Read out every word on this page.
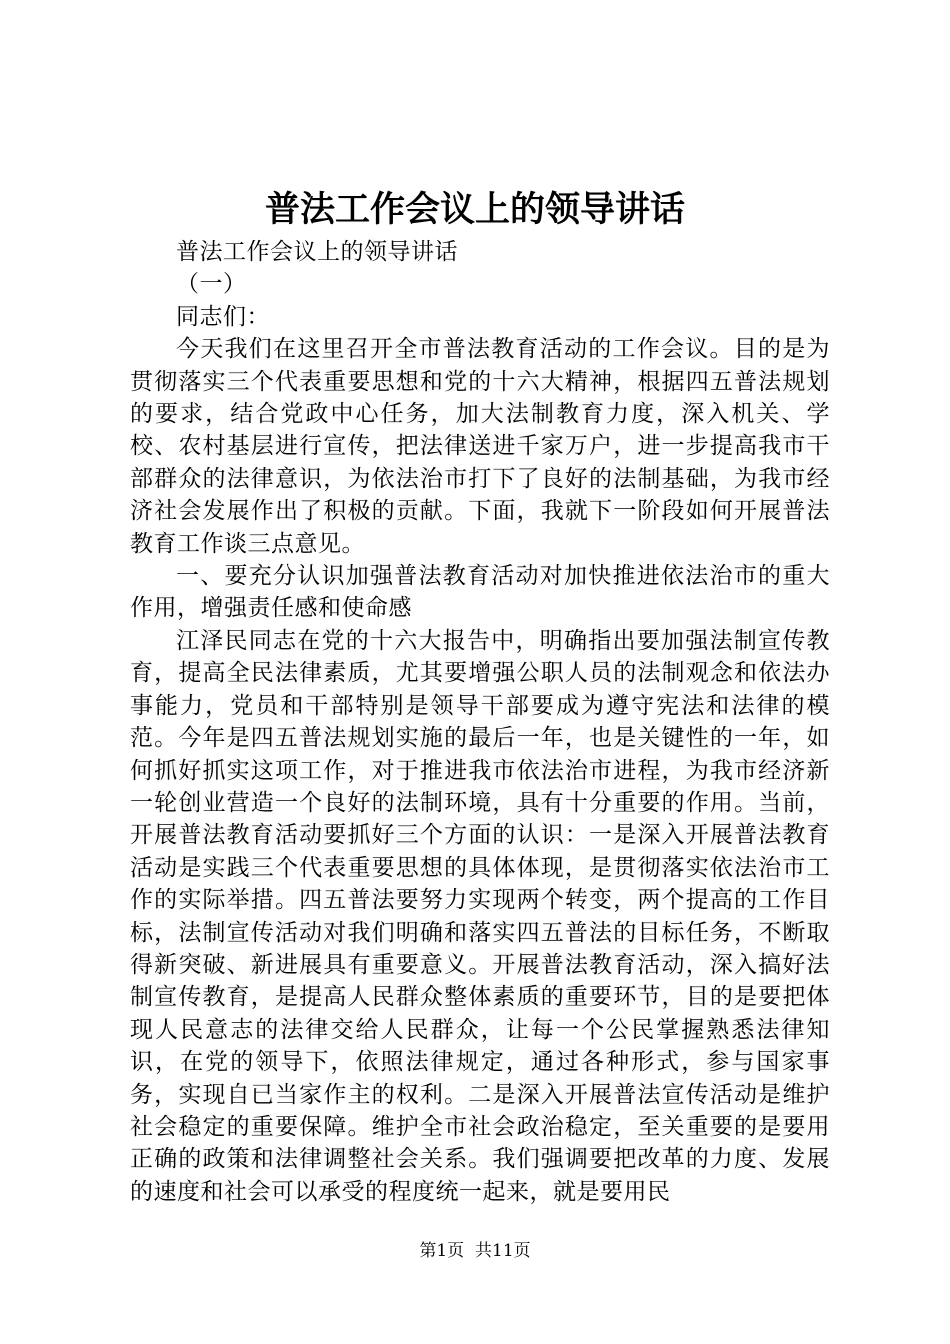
普法工作会议上的领导讲话

普法工作会议上的领导讲话

（一）

同志们：

今天我们在这里召开全市普法教育活动的工作会议。目的是为贯彻落实三个代表重要思想和党的十六大精神，根据四五普法规划的要求，结合党政中心任务，加大法制教育力度，深入机关、学校、农村基层进行宣传，把法律送进千家万户，进一步提高我市干部群众的法律意识，为依法治市打下了良好的法制基础，为我市经济社会发展作出了积极的贡献。下面，我就下一阶段如何开展普法教育工作谈三点意见。

一、要充分认识加强普法教育活动对加快推进依法治市的重大作用，增强责任感和使命感

江泽民同志在党的十六大报告中，明确指出要加强法制宣传教育，提高全民法律素质，尤其要增强公职人员的法制观念和依法办事能力，党员和干部特别是领导干部要成为遵守宪法和法律的模范。今年是四五普法规划实施的最后一年，也是关键性的一年，如何抓好抓实这项工作，对于推进我市依法治市进程，为我市经济新一轮创业营造一个良好的法制环境，具有十分重要的作用。当前，开展普法教育活动要抓好三个方面的认识：一是深入开展普法教育活动是实践三个代表重要思想的具体体现，是贯彻落实依法治市工作的实际举措。四五普法要努力实现两个转变，两个提高的工作目标，法制宣传活动对我们明确和落实四五普法的目标任务，不断取得新突破、新进展具有重要意义。开展普法教育活动，深入搞好法制宣传教育，是提高人民群众整体素质的重要环节，目的是要把体现人民意志的法律交给人民群众，让每一个公民掌握熟悉法律知识，在党的领导下，依照法律规定，通过各种形式，参与国家事务，实现自已当家作主的权利。二是深入开展普法宣传活动是维护社会稳定的重要保障。维护全市社会政治稳定，至关重要的是要用正确的政策和法律调整社会关系。我们强调要把改革的力度、发展的速度和社会可以承受的程度统一起来，就是要用民

第1页 共11页
